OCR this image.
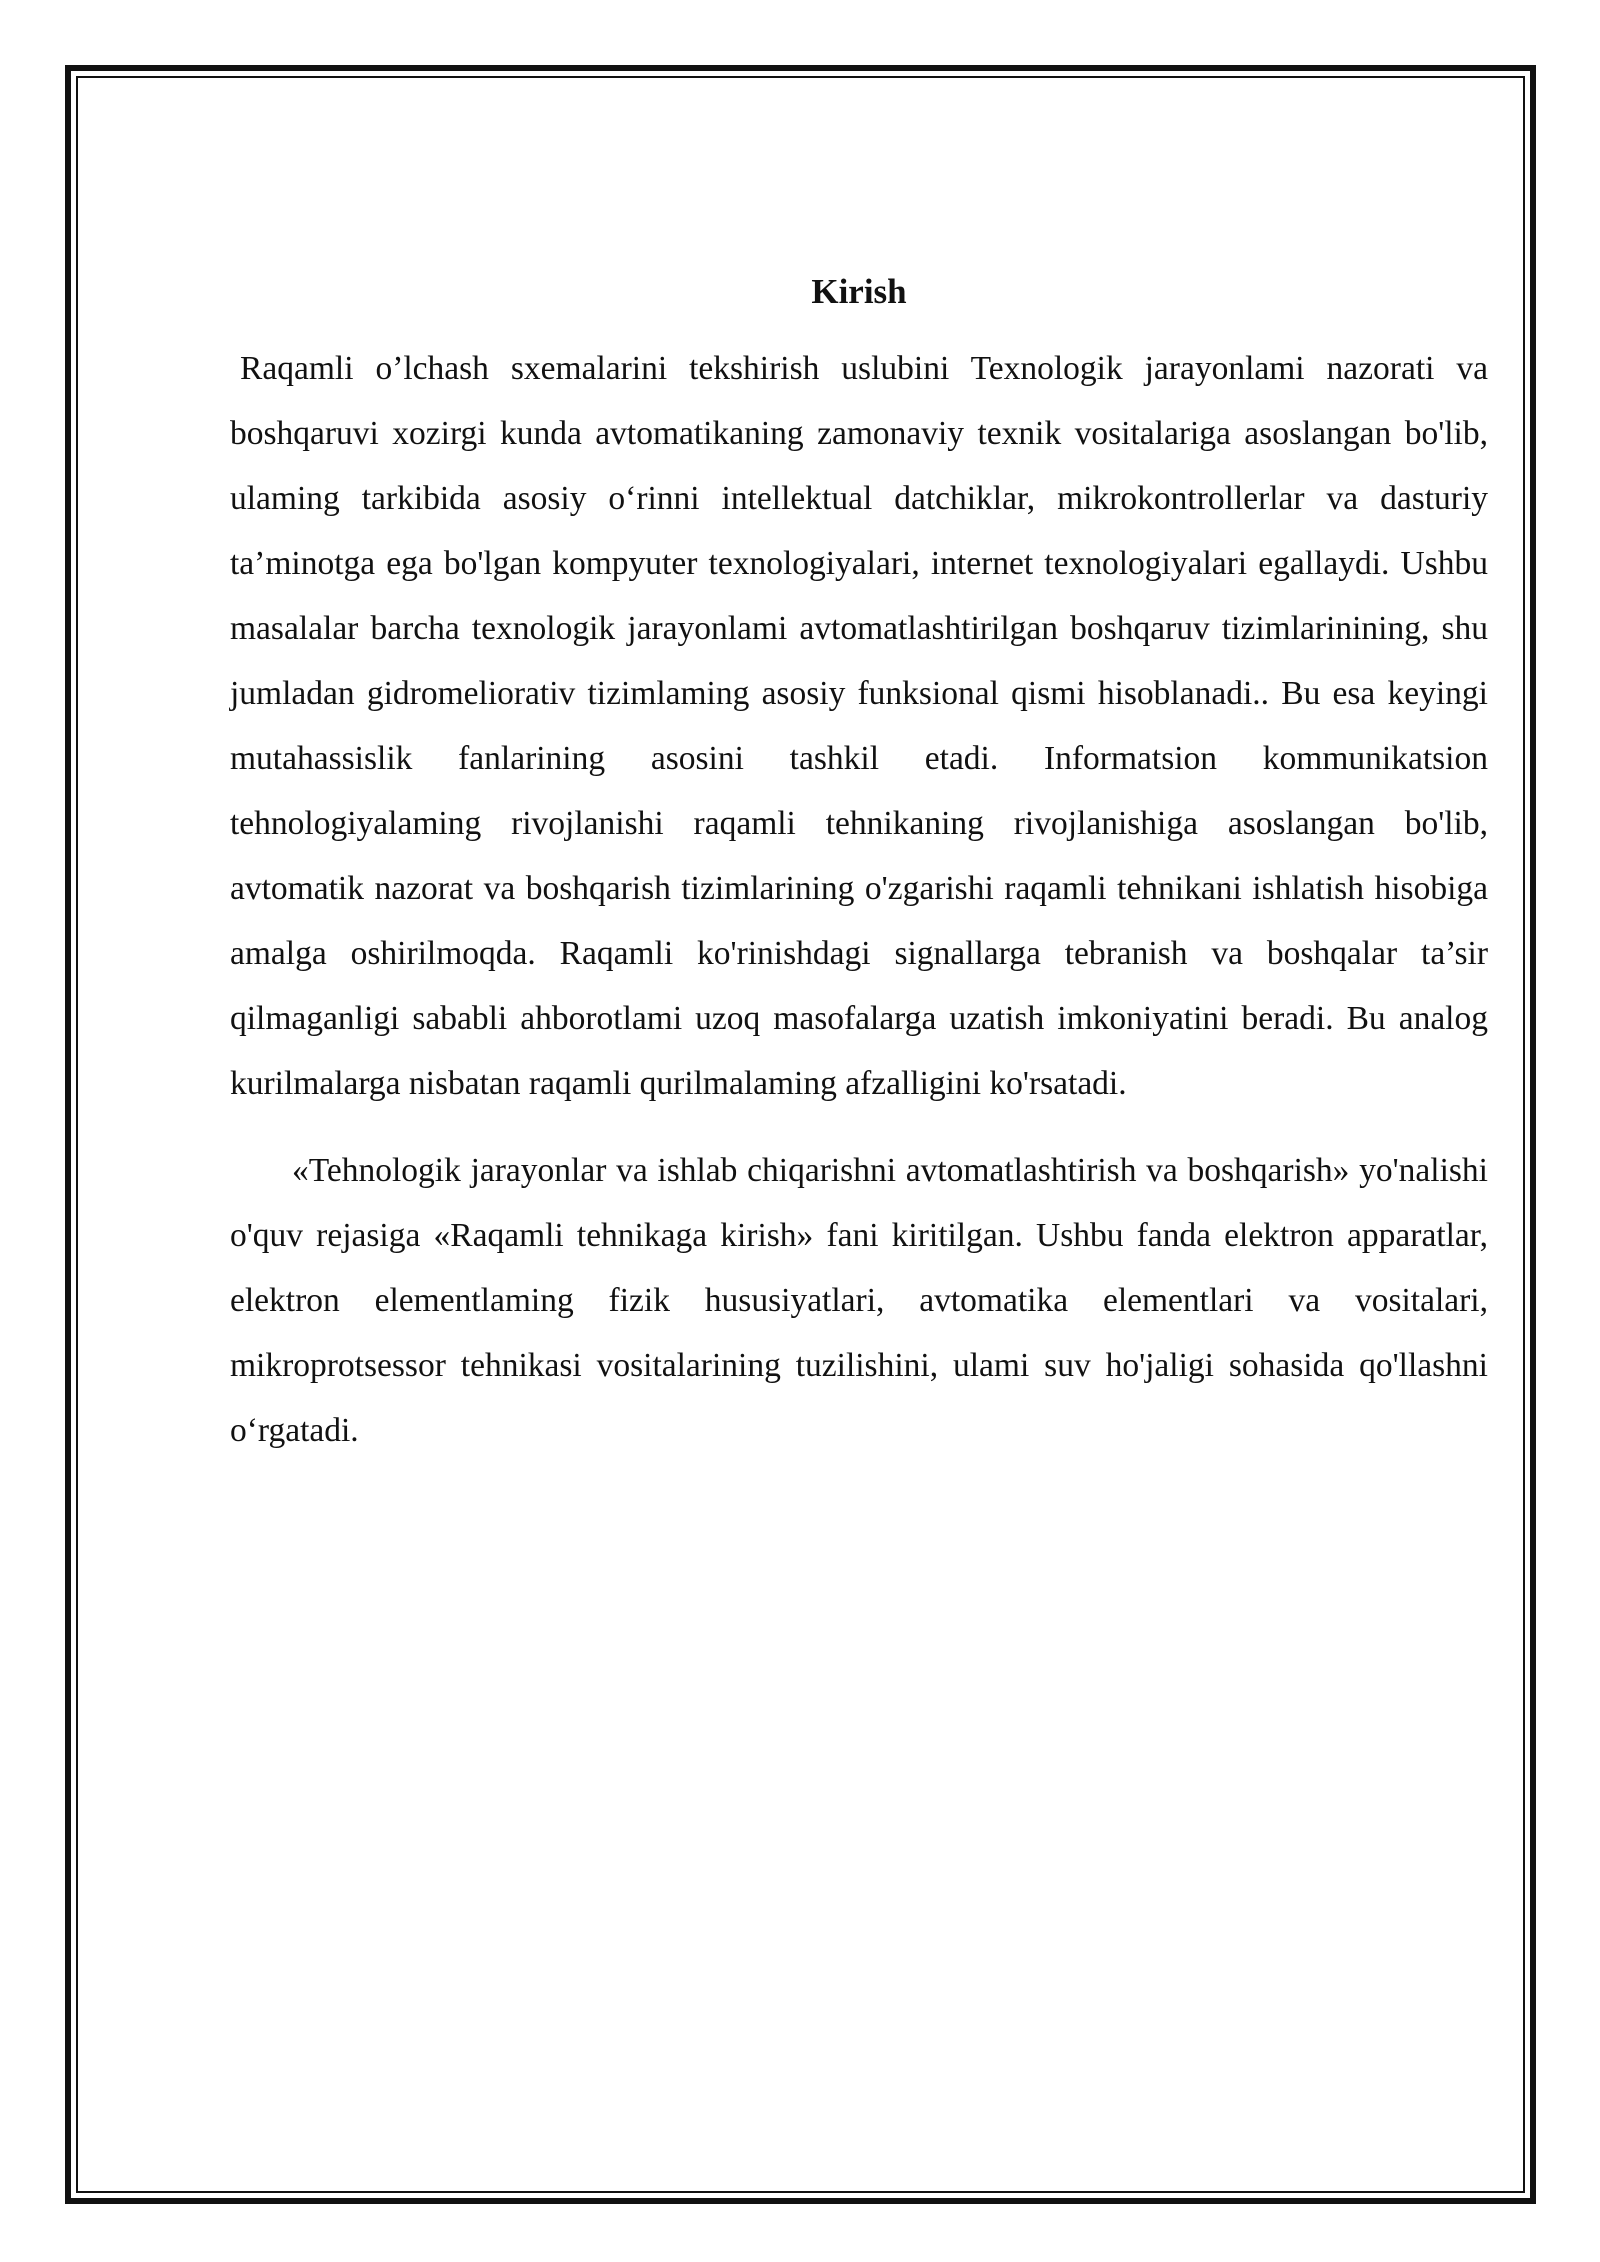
Kirish

Raqamli o’lchash sxemalarini tekshirish uslubini Texnologik jarayonlami nazorati va boshqaruvi xozirgi kunda avtomatikaning zamonaviy texnik vositalariga asoslangan bo'lib, ulaming tarkibida asosiy o‘rinni intellektual datchiklar, mikrokontrollerlar va dasturiy ta’minotga ega bo'lgan kompyuter texnologiyalari, internet texnologiyalari egallaydi. Ushbu masalalar barcha texnologik jarayonlami avtomatlashtirilgan boshqaruv tizimlarinining, shu jumladan gidromeliorativ tizimlaming asosiy funksional qismi hisoblanadi.. Bu esa keyingi mutahassislik fanlarining asosini tashkil etadi. Informatsion kommunikatsion tehnologiyalaming rivojlanishi raqamli tehnikaning rivojlanishiga asoslangan bo'lib, avtomatik nazorat va boshqarish tizimlarining o'zgarishi raqamli tehnikani ishlatish hisobiga amalga oshirilmoqda. Raqamli ko'rinishdagi signallarga tebranish va boshqalar ta’sir qilmaganligi sababli ahborotlami uzoq masofalarga uzatish imkoniyatini beradi. Bu analog kurilmalarga nisbatan raqamli qurilmalaming afzalligini ko'rsatadi.

«Tehnologik jarayonlar va ishlab chiqarishni avtomatlashtirish va boshqarish» yo'nalishi o'quv rejasiga «Raqamli tehnikaga kirish» fani kiritilgan. Ushbu fanda elektron apparatlar, elektron elementlaming fizik hususiyatlari, avtomatika elementlari va vositalari, mikroprotsessor tehnikasi vositalarining tuzilishini, ulami suv ho'jaligi sohasida qo'llashni o‘rgatadi.
